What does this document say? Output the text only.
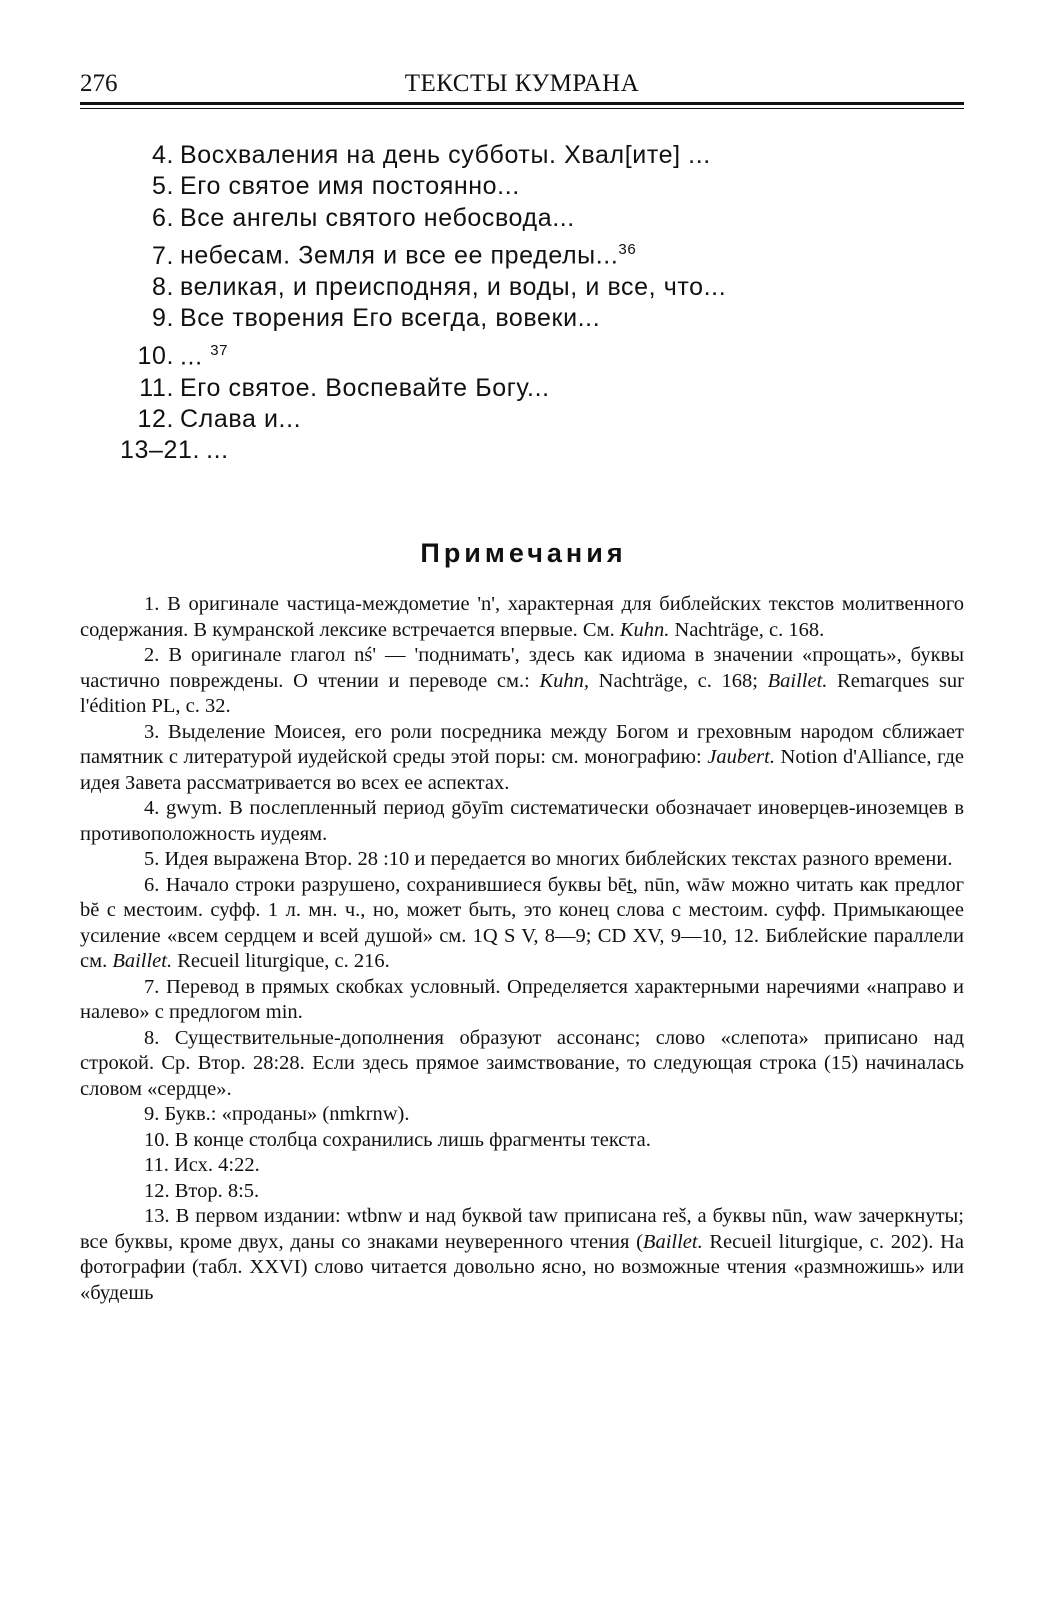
276	ТЕКСТЫ КУМРАНА
4. Восхваления на день субботы. Хвал[ите] ...
5. Его святое имя постоянно...
6. Все ангелы святого небосвода...
7. небесам. Земля и все ее пределы...$^{36}$
8. великая, и преисподняя, и воды, и все, что...
9. Все творения Его всегда, вовеки...
10. ... $^{37}$
11. Его святое. Воспевайте Богу...
12. Слава и...
13–21. ...
Примечания

1. В оригинале частица-междометие 'n', характерная для библейских текстов молитвенного содержания. В кумранской лексике встречается впервые. См. Kuhn. Nachträge, с. 168.

2. В оригинале глагол nś' — 'поднимать', здесь как идиома в значении «прощать», буквы частично повреждены. О чтении и переводе см.: Kuhn, Nachträge, с. 168; Baillet. Remarques sur l'édition PL, с. 32.

3. Выделение Моисея, его роли посредника между Богом и греховным народом сближает памятник с литературой иудейской среды этой поры: см. монографию: Jaubert. Notion d'Alliance, где идея Завета рассматривается во всех ее аспектах.

4. gwym. В послепленный период gōyīm систематически обозначает иноверцев-иноземцев в противоположность иудеям.

5. Идея выражена Втор. 28 :10 и передается во многих библейских текстах разного времени.

6. Начало строки разрушено, сохранившиеся буквы bēṯ, nūn, wāw можно читать как предлог bĕ с местоим. суфф. 1 л. мн. ч., но, может быть, это конец слова с местоим. суфф. Примыкающее усиление «всем сердцем и всей душой» см. 1Q S V, 8—9; CD XV, 9—10, 12. Библейские параллели см. Baillet. Recueil liturgique, с. 216.

7. Перевод в прямых скобках условный. Определяется характерными наречиями «направо и налево» с предлогом min.

8. Существительные-дополнения образуют ассонанс; слово «слепота» приписано над строкой. Ср. Втор. 28:28. Если здесь прямое заимствование, то следующая строка (15) начиналась словом «сердце».

9. Букв.: «проданы» (nmkrnw).

10. В конце столбца сохранились лишь фрагменты текста.

11. Исх. 4:22.

12. Втор. 8:5.

13. В первом издании: wtbnw и над буквой taw приписана reš, а буквы nūn, waw зачеркнуты; все буквы, кроме двух, даны со знаками неуверенного чтения (Baillet. Recueil liturgique, с. 202). На фотографии (табл. XXVI) слово читается довольно ясно, но возможные чтения «размножишь» или «будешь
